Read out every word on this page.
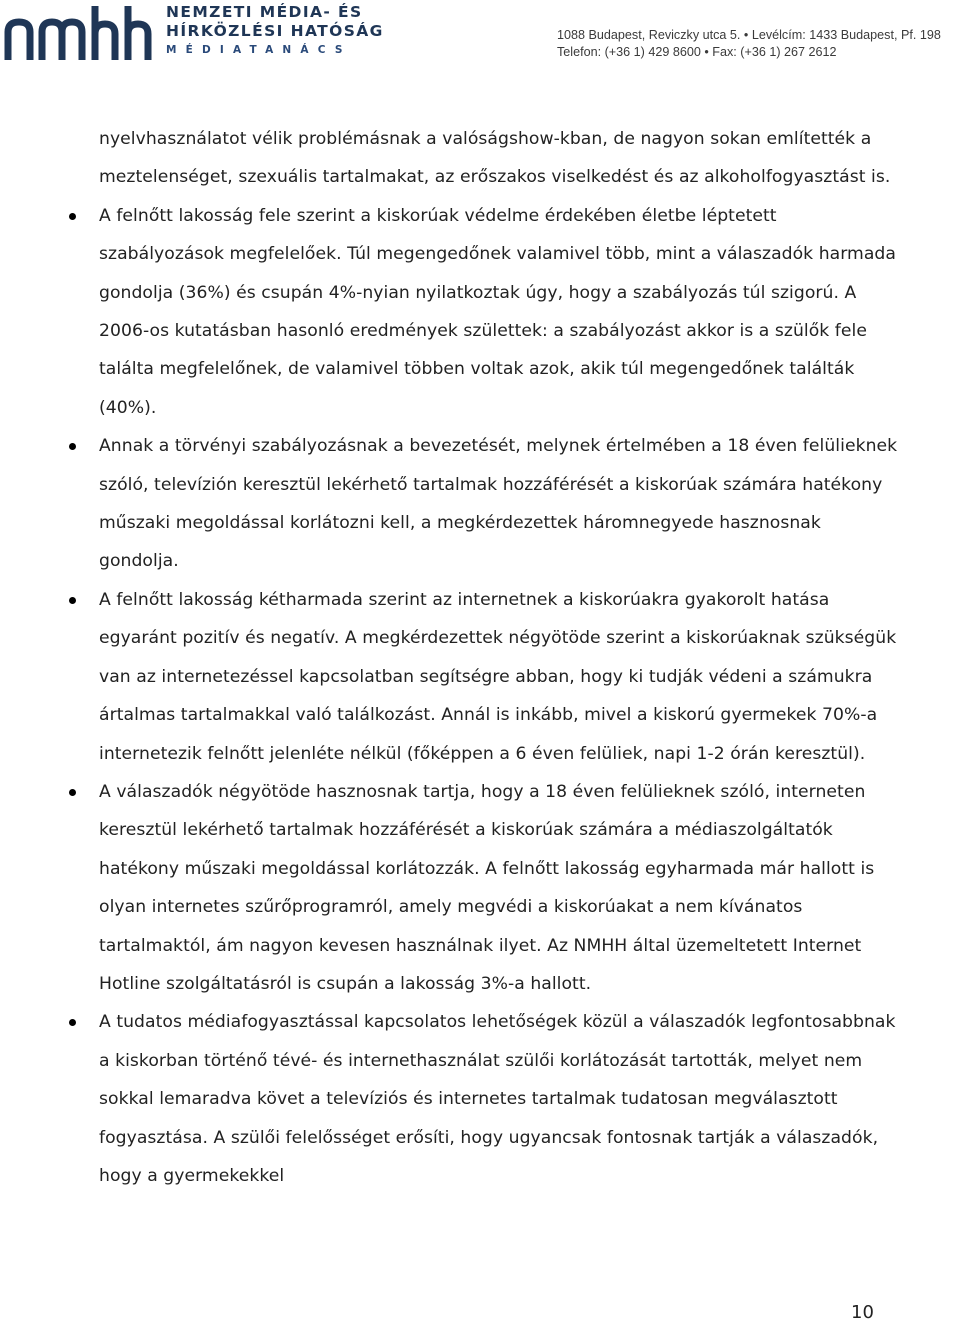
NEMZETI MÉDIA- ÉS
HÍRKÖZLÉSI HATÓSÁG
MÉDIATANÁCS
1088 Budapest, Reviczky utca 5. • Levélcím: 1433 Budapest, Pf. 198
Telefon: (+36 1) 429 8600 • Fax: (+36 1) 267 2612

nyelvhasználatot vélik problémásnak a valóságshow-kban, de nagyon sokan említették a meztelenséget, szexuális tartalmakat, az erőszakos viselkedést és az alkoholfogyasztást is.

A felnőtt lakosság fele szerint a kiskorúak védelme érdekében életbe léptetett szabályozások megfelelőek. Túl megengedőnek valamivel több, mint a válaszadók harmada gondolja (36%) és csupán 4%-nyian nyilatkoztak úgy, hogy a szabályozás túl szigorú. A 2006-os kutatásban hasonló eredmények születtek: a szabályozást akkor is a szülők fele találta megfelelőnek, de valamivel többen voltak azok, akik túl megengedőnek találták (40%).
Annak a törvényi szabályozásnak a bevezetését, melynek értelmében a 18 éven felülieknek szóló, televízión keresztül lekérhető tartalmak hozzáférését a kiskorúak számára hatékony műszaki megoldással korlátozni kell, a megkérdezettek háromnegyede hasznosnak gondolja.
A felnőtt lakosság kétharmada szerint az internetnek a kiskorúakra gyakorolt hatása egyaránt pozitív és negatív. A megkérdezettek négyötöde szerint a kiskorúaknak szükségük van az internetezéssel kapcsolatban segítségre abban, hogy ki tudják védeni a számukra ártalmas tartalmakkal való találkozást. Annál is inkább, mivel a kiskorú gyermekek 70%-a internetezik felnőtt jelenléte nélkül (főképpen a 6 éven felüliek, napi 1-2 órán keresztül).
A válaszadók négyötöde hasznosnak tartja, hogy a 18 éven felülieknek szóló, interneten keresztül lekérhető tartalmak hozzáférését a kiskorúak számára a médiaszolgáltatók hatékony műszaki megoldással korlátozzák. A felnőtt lakosság egyharmada már hallott is olyan internetes szűrőprogramról, amely megvédi a kiskorúakat a nem kívánatos tartalmaktól, ám nagyon kevesen használnak ilyet. Az NMHH által üzemeltetett Internet Hotline szolgáltatásról is csupán a lakosság 3%-a hallott.
A tudatos médiafogyasztással kapcsolatos lehetőségek közül a válaszadók legfontosabbnak a kiskorban történő tévé- és internethasználat szülői korlátozását tartották, melyet nem sokkal lemaradva követ a televíziós és internetes tartalmak tudatosan megválasztott fogyasztása. A szülői felelősséget erősíti, hogy ugyancsak fontosnak tartják a válaszadók, hogy a gyermekekkel
10
